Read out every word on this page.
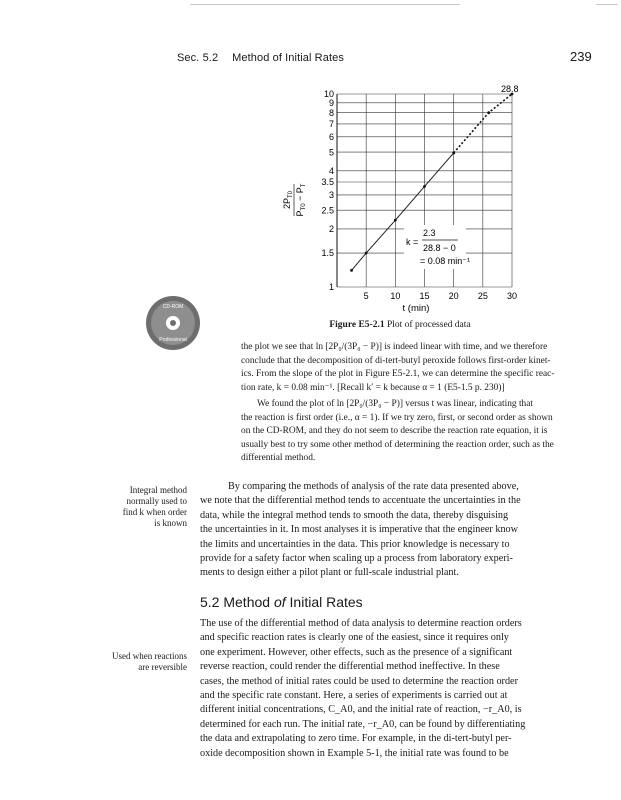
Sec. 5.2 Method of Initial Rates	239
1
1.5
2
2.5
3
3.5
4
5
6
7
8
9
10
5 10 15 20 25 30
28.8
$2P_{T0}$
$P_{T0} - P_T$
2.3
k =
28.8 − 0
= 0.08 min⁻¹
t (min)
Figure E5-2.1 Plot of processed data
CD-ROM
Professional
the plot we see that ln [2P₀/(3P₀ − P)] is indeed linear with time, and we therefore
conclude that the decomposition of di-tert-butyl peroxide follows first-order kinet-
ics. From the slope of the plot in Figure E5-2.1, we can determine the specific reac-
tion rate, k = 0.08 min⁻¹. [Recall k′ = k because α = 1 (E5-1.5 p. 230)]
We found the plot of ln [2P₀/(3P₀ − P)] versus t was linear, indicating that
the reaction is first order (i.e., α = 1). If we try zero, first, or second order as shown
on the CD-ROM, and they do not seem to describe the reaction rate equation, it is
usually best to try some other method of determining the reaction order, such as the
differential method.
Integral method
normally used to
find k when order
is known
By comparing the methods of analysis of the rate data presented above,
we note that the differential method tends to accentuate the uncertainties in the
data, while the integral method tends to smooth the data, thereby disguising
the uncertainties in it. In most analyses it is imperative that the engineer know
the limits and uncertainties in the data. This prior knowledge is necessary to
provide for a safety factor when scaling up a process from laboratory experi-
ments to design either a pilot plant or full-scale industrial plant.
5.2 Method of Initial Rates
Used when reactions
are reversible
The use of the differential method of data analysis to determine reaction orders
and specific reaction rates is clearly one of the easiest, since it requires only
one experiment. However, other effects, such as the presence of a significant
reverse reaction, could render the differential method ineffective. In these
cases, the method of initial rates could be used to determine the reaction order
and the specific rate constant. Here, a series of experiments is carried out at
different initial concentrations, C_A0, and the initial rate of reaction, −r_A0, is
determined for each run. The initial rate, −r_A0, can be found by differentiating
the data and extrapolating to zero time. For example, in the di-tert-butyl per-
oxide decomposition shown in Example 5-1, the initial rate was found to be
